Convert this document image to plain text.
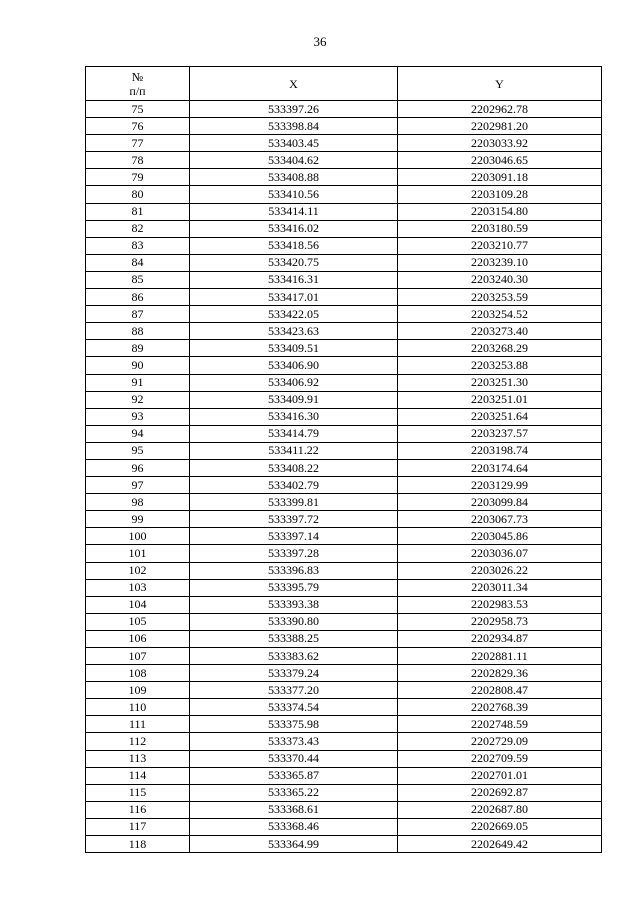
36
№
п/п	X	Y
75	533397.26	2202962.78
76	533398.84	2202981.20
77	533403.45	2203033.92
78	533404.62	2203046.65
79	533408.88	2203091.18
80	533410.56	2203109.28
81	533414.11	2203154.80
82	533416.02	2203180.59
83	533418.56	2203210.77
84	533420.75	2203239.10
85	533416.31	2203240.30
86	533417.01	2203253.59
87	533422.05	2203254.52
88	533423.63	2203273.40
89	533409.51	2203268.29
90	533406.90	2203253.88
91	533406.92	2203251.30
92	533409.91	2203251.01
93	533416.30	2203251.64
94	533414.79	2203237.57
95	533411.22	2203198.74
96	533408.22	2203174.64
97	533402.79	2203129.99
98	533399.81	2203099.84
99	533397.72	2203067.73
100	533397.14	2203045.86
101	533397.28	2203036.07
102	533396.83	2203026.22
103	533395.79	2203011.34
104	533393.38	2202983.53
105	533390.80	2202958.73
106	533388.25	2202934.87
107	533383.62	2202881.11
108	533379.24	2202829.36
109	533377.20	2202808.47
110	533374.54	2202768.39
111	533375.98	2202748.59
112	533373.43	2202729.09
113	533370.44	2202709.59
114	533365.87	2202701.01
115	533365.22	2202692.87
116	533368.61	2202687.80
117	533368.46	2202669.05
118	533364.99	2202649.42
